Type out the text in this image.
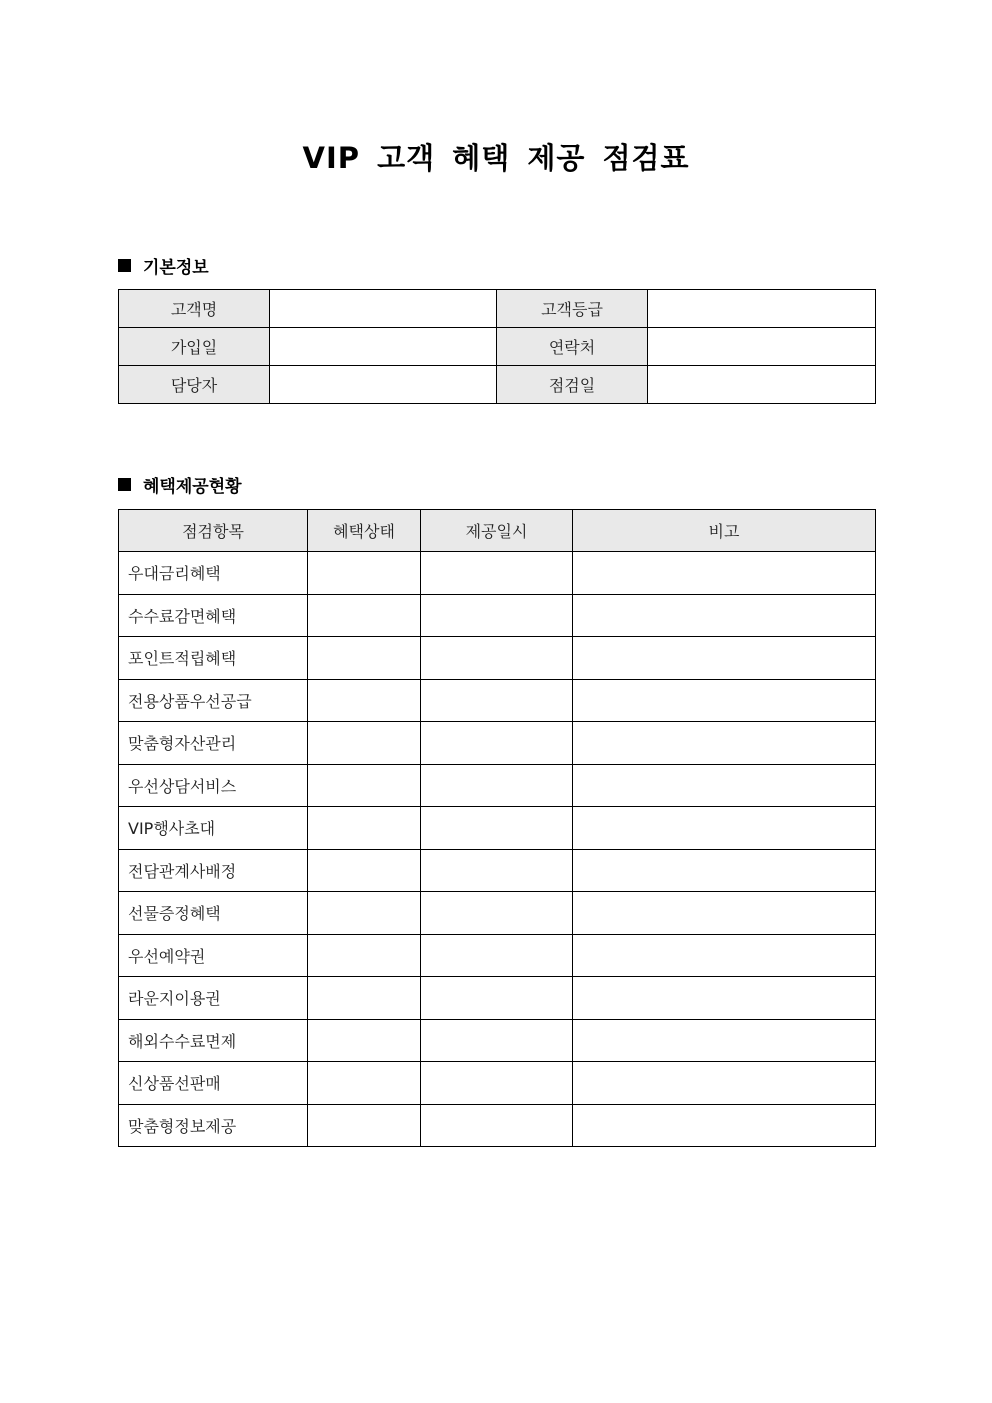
VIP 고객 혜택 제공 점검표
기본정보
고객명		고객등급	
가입일		연락처	
담당자		점검일	
혜택제공현황
점검항목	혜택상태	제공일시	비고
우대금리혜택			
수수료감면혜택			
포인트적립혜택			
전용상품우선공급			
맞춤형자산관리			
우선상담서비스			
VIP행사초대			
전담관계사배정			
선물증정혜택			
우선예약권			
라운지이용권			
해외수수료면제			
신상품선판매			
맞춤형정보제공			
